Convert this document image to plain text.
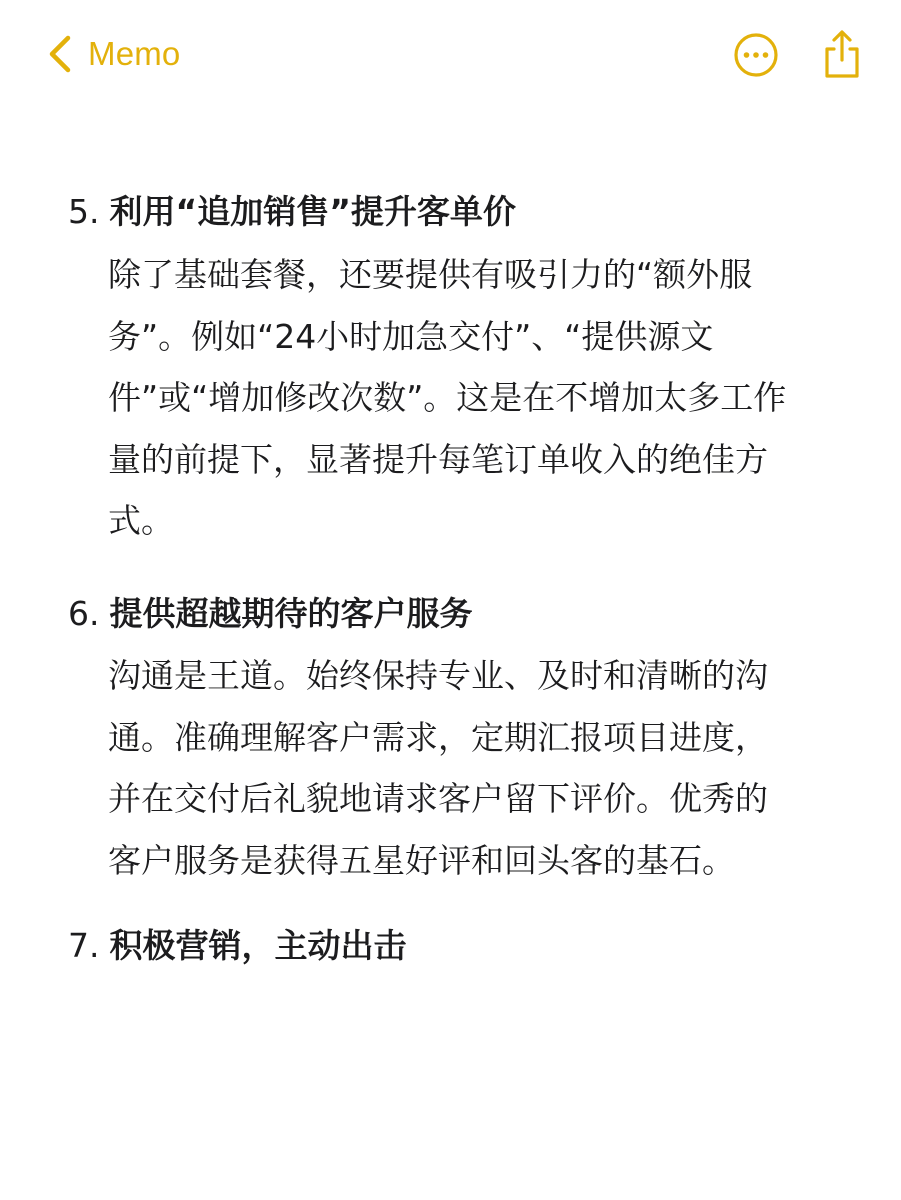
Memo
5. 利用“追加销售”提升客单价
除了基础套餐，还要提供有吸引力的“额外服
务”。例如“24小时加急交付”、“提供源文
件”或“增加修改次数”。这是在不增加太多工作
量的前提下，显著提升每笔订单收入的绝佳方
式。
6. 提供超越期待的客户服务
沟通是王道。始终保持专业、及时和清晰的沟
通。准确理解客户需求，定期汇报项目进度，
并在交付后礼貌地请求客户留下评价。优秀的
客户服务是获得五星好评和回头客的基石。
7. 积极营销，主动出击
